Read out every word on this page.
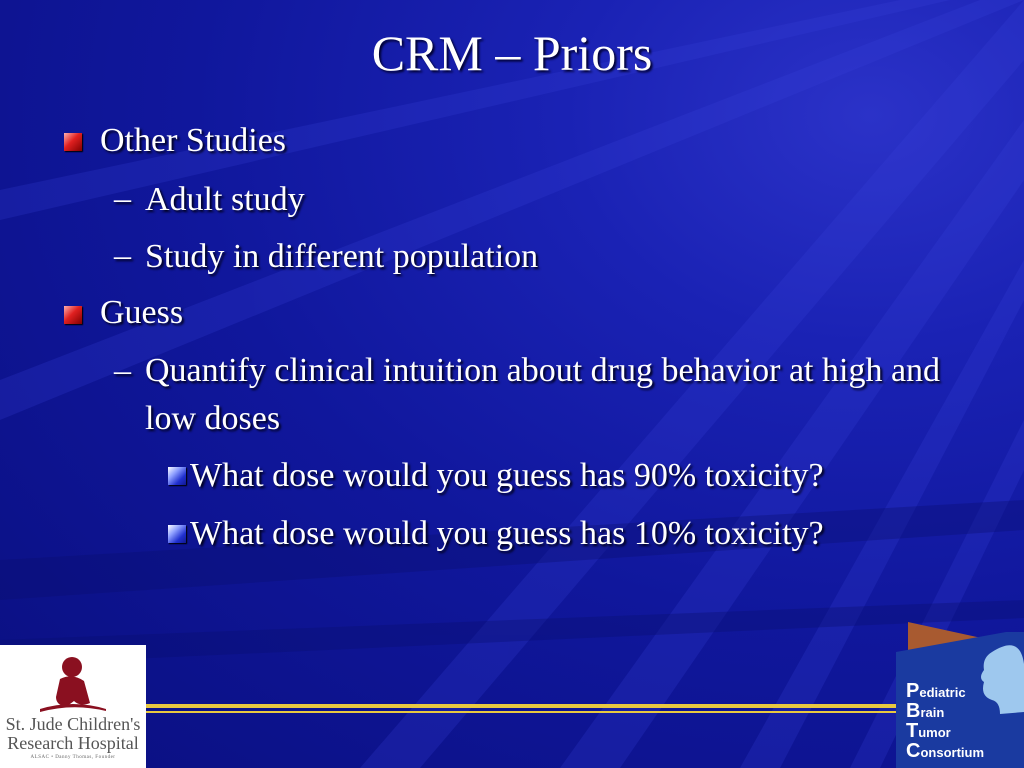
CRM – Priors
Other Studies
– Adult study
– Study in different population
Guess
– Quantify clinical intuition about drug behavior at high and low doses
What dose would you guess has 90% toxicity?
What dose would you guess has 10% toxicity?
St. Jude Children's
Research Hospital
ALSAC • Danny Thomas, Founder
Pediatric
Brain
Tumor
Consortium
